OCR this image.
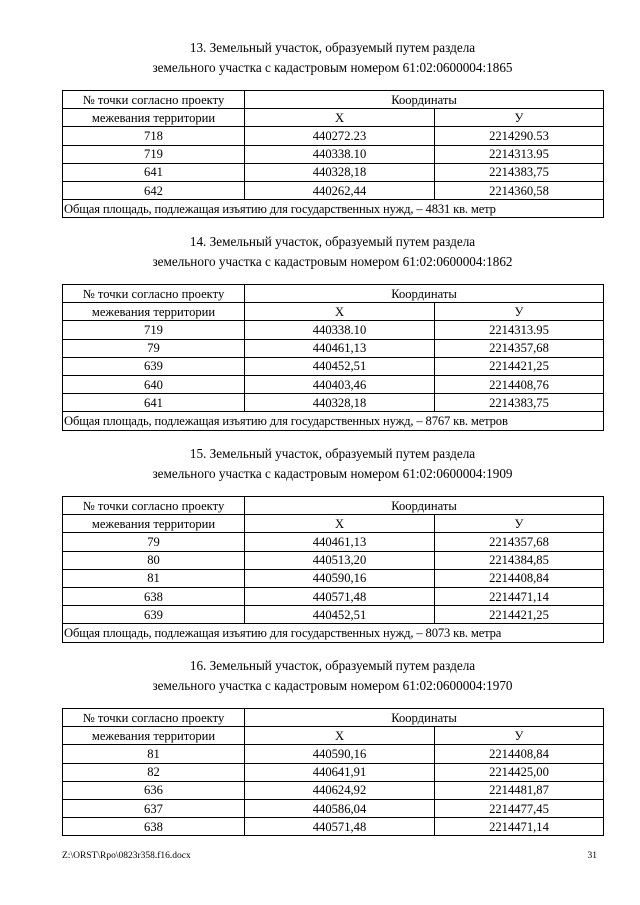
13. Земельный участок, образуемый путем раздела

земельного участка с кадастровым номером 61:02:0600004:1865

№ точки согласно проекту	Координаты	
межевания территории	Х	У
718	440272.23	2214290.53
719	440338.10	2214313.95
641	440328,18	2214383,75
642	440262,44	2214360,58
Общая площадь, подлежащая изъятию для государственных нужд, – 4831 кв. метр		

14. Земельный участок, образуемый путем раздела

земельного участка с кадастровым номером 61:02:0600004:1862

№ точки согласно проекту	Координаты	
межевания территории	Х	У
719	440338.10	2214313.95
79	440461,13	2214357,68
639	440452,51	2214421,25
640	440403,46	2214408,76
641	440328,18	2214383,75
Общая площадь, подлежащая изъятию для государственных нужд, – 8767 кв. метров		

15. Земельный участок, образуемый путем раздела

земельного участка с кадастровым номером 61:02:0600004:1909

№ точки согласно проекту	Координаты	
межевания территории	Х	У
79	440461,13	2214357,68
80	440513,20	2214384,85
81	440590,16	2214408,84
638	440571,48	2214471,14
639	440452,51	2214421,25
Общая площадь, подлежащая изъятию для государственных нужд, – 8073 кв. метра		

16. Земельный участок, образуемый путем раздела

земельного участка с кадастровым номером 61:02:0600004:1970

№ точки согласно проекту	Координаты	
межевания территории	Х	У
81	440590,16	2214408,84
82	440641,91	2214425,00
636	440624,92	2214481,87
637	440586,04	2214477,45
638	440571,48	2214471,14
Z:\ORST\Rpo\0823r358.f16.docx	31
